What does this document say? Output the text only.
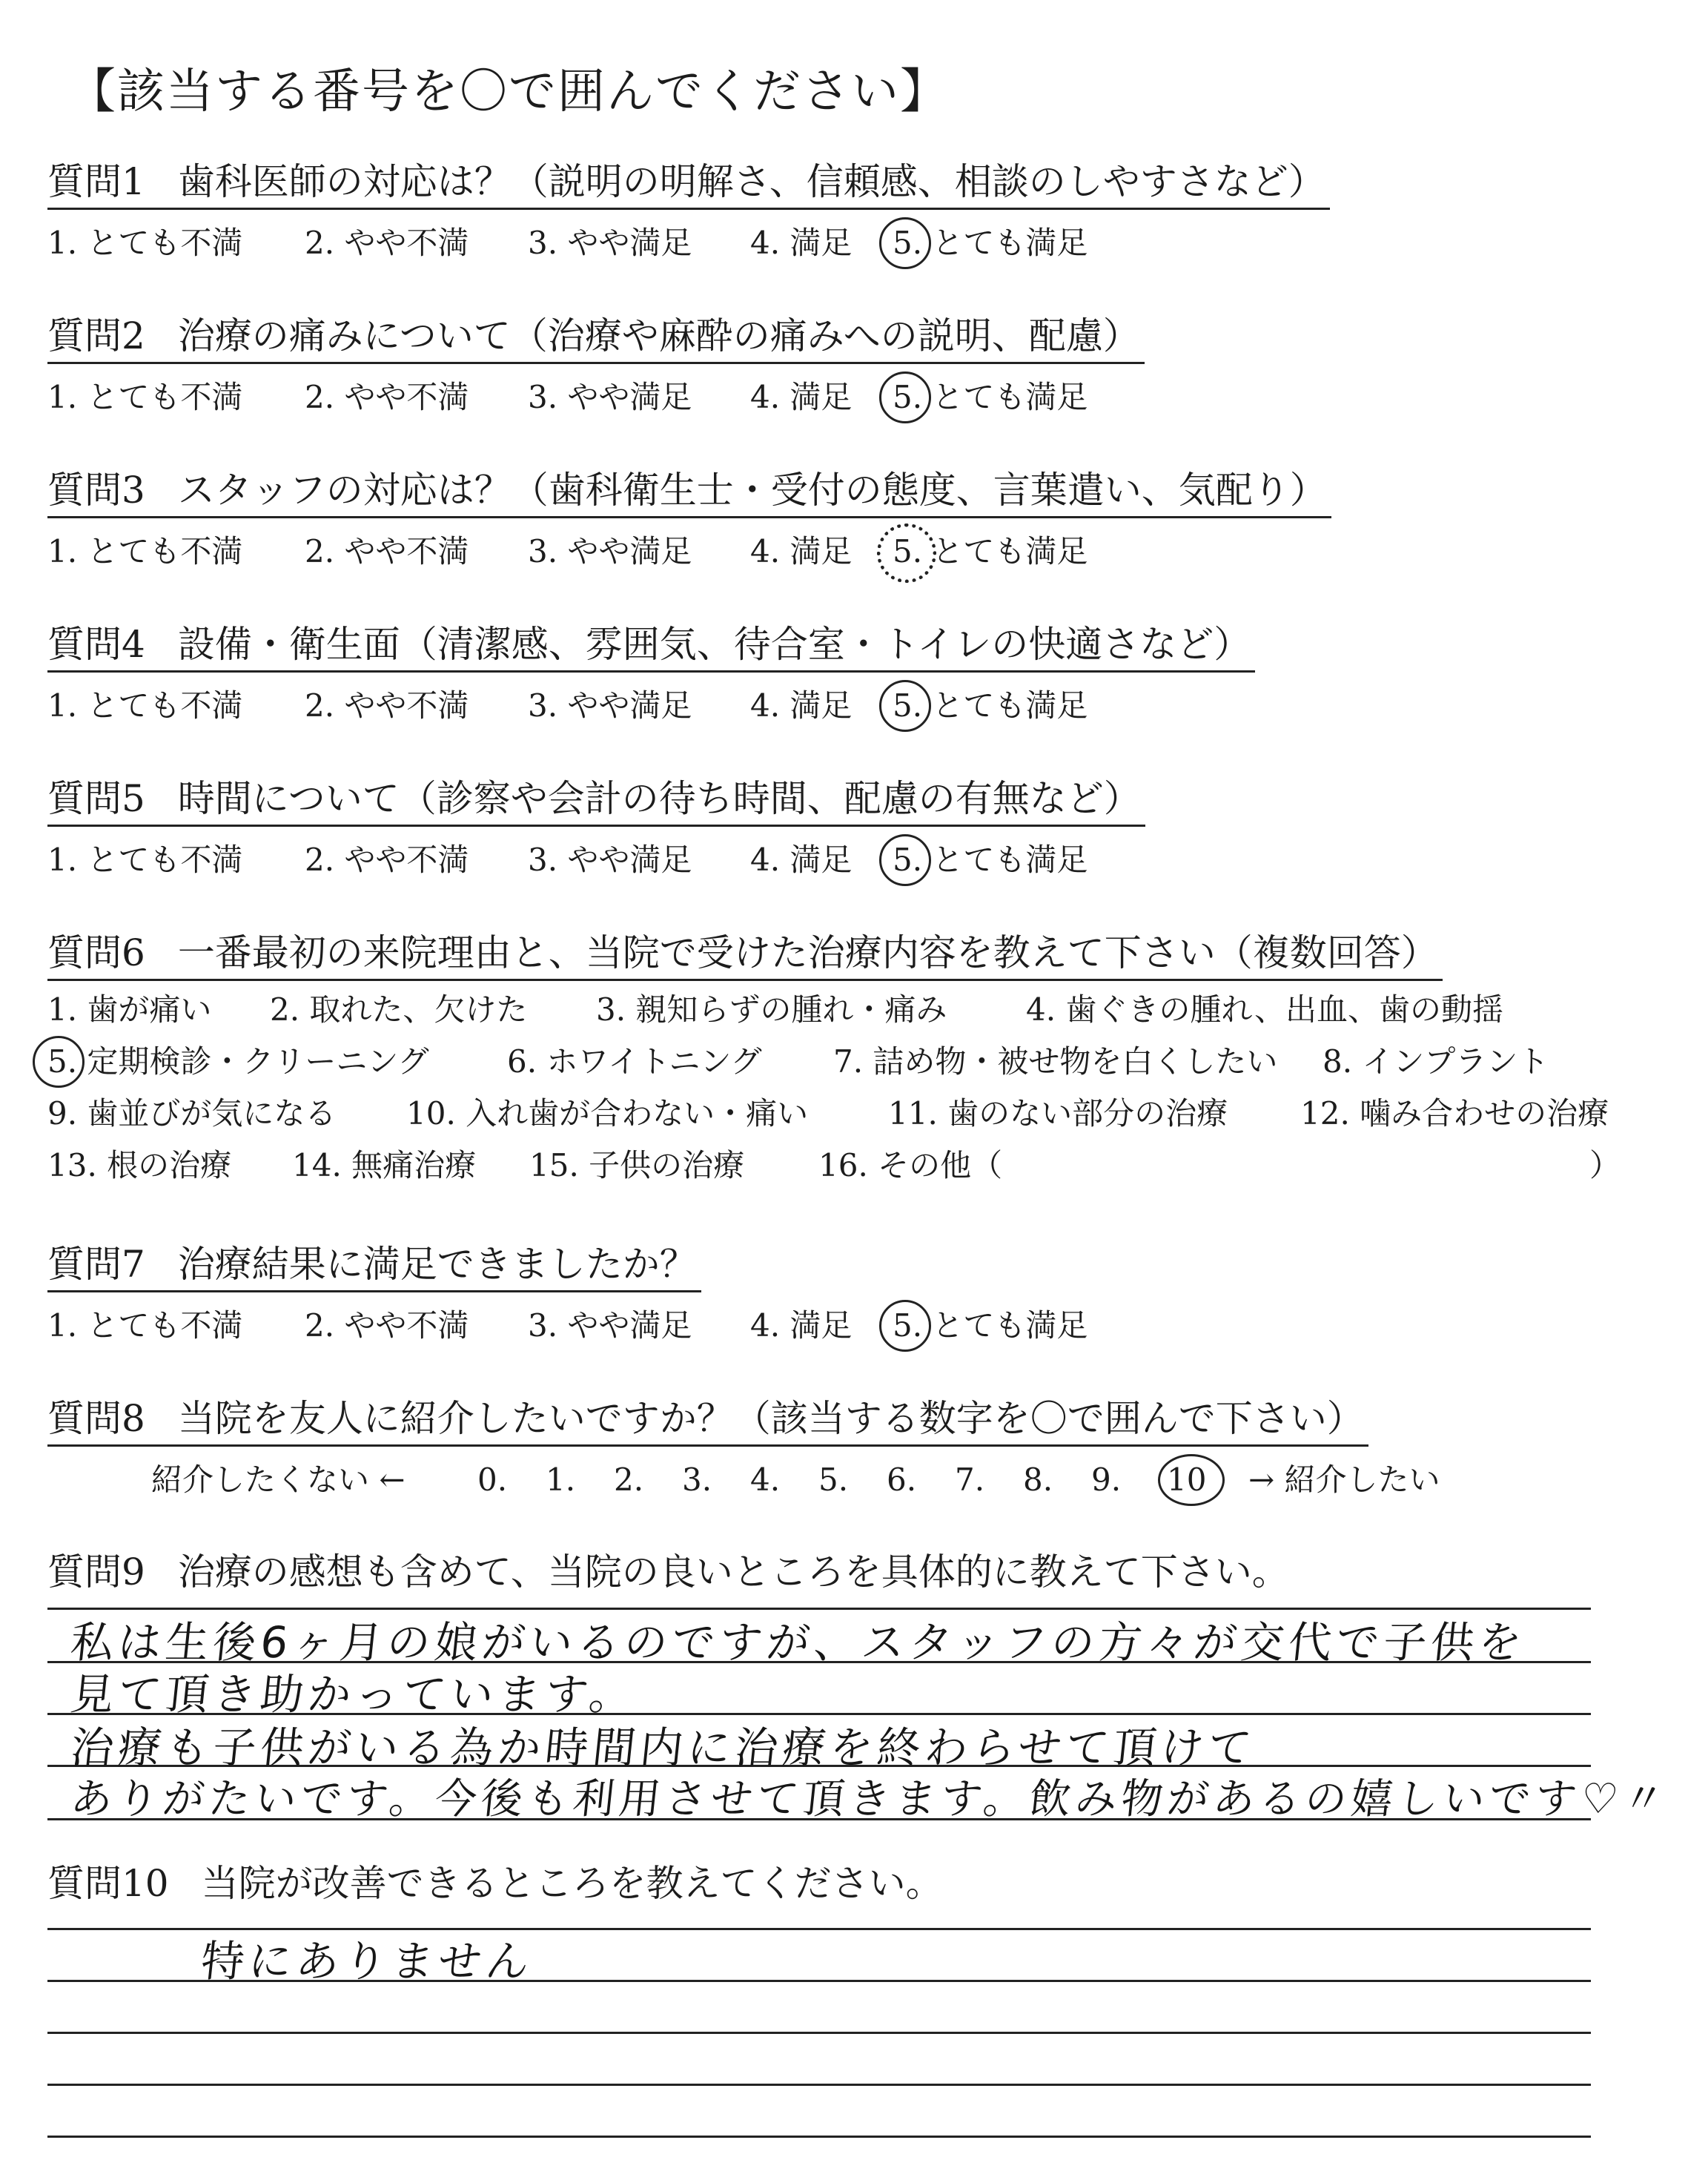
【該当する番号を〇で囲んでください】
質問1 歯科医師の対応は？（説明の明解さ、信頼感、相談のしやすさなど）
1. とても不満 2. やや不満 3. やや満足 4. 満足 5. とても満足
質問2 治療の痛みについて（治療や麻酔の痛みへの説明、配慮）
1. とても不満 2. やや不満 3. やや満足 4. 満足 5. とても満足
質問3 スタッフの対応は？（歯科衛生士・受付の態度、言葉遣い、気配り）
1. とても不満 2. やや不満 3. やや満足 4. 満足 5. とても満足
質問4 設備・衛生面（清潔感、雰囲気、待合室・トイレの快適さなど）
1. とても不満 2. やや不満 3. やや満足 4. 満足 5. とても満足
質問5 時間について（診察や会計の待ち時間、配慮の有無など）
1. とても不満 2. やや不満 3. やや満足 4. 満足 5. とても満足
質問6 一番最初の来院理由と、当院で受けた治療内容を教えて下さい（複数回答）
1. 歯が痛い 2. 取れた、欠けた 3. 親知らずの腫れ・痛み	4. 歯ぐきの腫れ、出血、歯の動揺
5. 定期検診・クリーニング	6. ホワイトニング 7. 詰め物・被せ物を白くしたい 8. インプラント
9. 歯並びが気になる 10. 入れ歯が合わない・痛い	11. 歯のない部分の治療 12. 噛み合わせの治療
13. 根の治療 14. 無痛治療 15. 子供の治療 16. その他（	）
質問7 治療結果に満足できましたか？
1. とても不満 2. やや不満 3. やや満足 4. 満足 5. とても満足
質問8 当院を友人に紹介したいですか？（該当する数字を〇で囲んで下さい）
紹介したくない ← 0. 1. 2. 3. 4. 5. 6. 7. 8. 9. 10 → 紹介したい
質問9 治療の感想も含めて、当院の良いところを具体的に教えて下さい。
私は生後6ヶ月の娘がいるのですが、スタッフの方々が交代で子供を
見て頂き助かっています。
治療も子供がいる為か時間内に治療を終わらせて頂けて
ありがたいです。今後も利用させて頂きます。飲み物があるの嬉しいです♡〃
質問10 当院が改善できるところを教えてください。
特にありません
